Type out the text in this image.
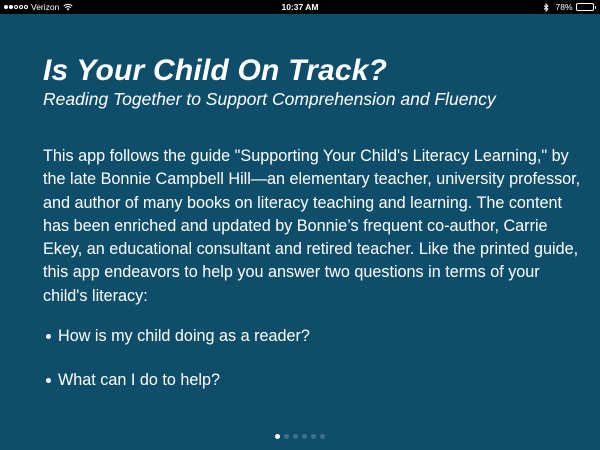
Verizon	10:37 AM	78%
Is Your Child On Track?

Reading Together to Support Comprehension and Fluency

This app follows the guide "Supporting Your Child's Literacy Learning," by the late Bonnie Campbell Hill—an elementary teacher, university professor, and author of many books on literacy teaching and learning. The content has been enriched and updated by Bonnie’s frequent co-author, Carrie Ekey, an educational consultant and retired teacher. Like the printed guide, this app endeavors to help you answer two questions in terms of your child's literacy:

How is my child doing as a reader?
What can I do to help?
